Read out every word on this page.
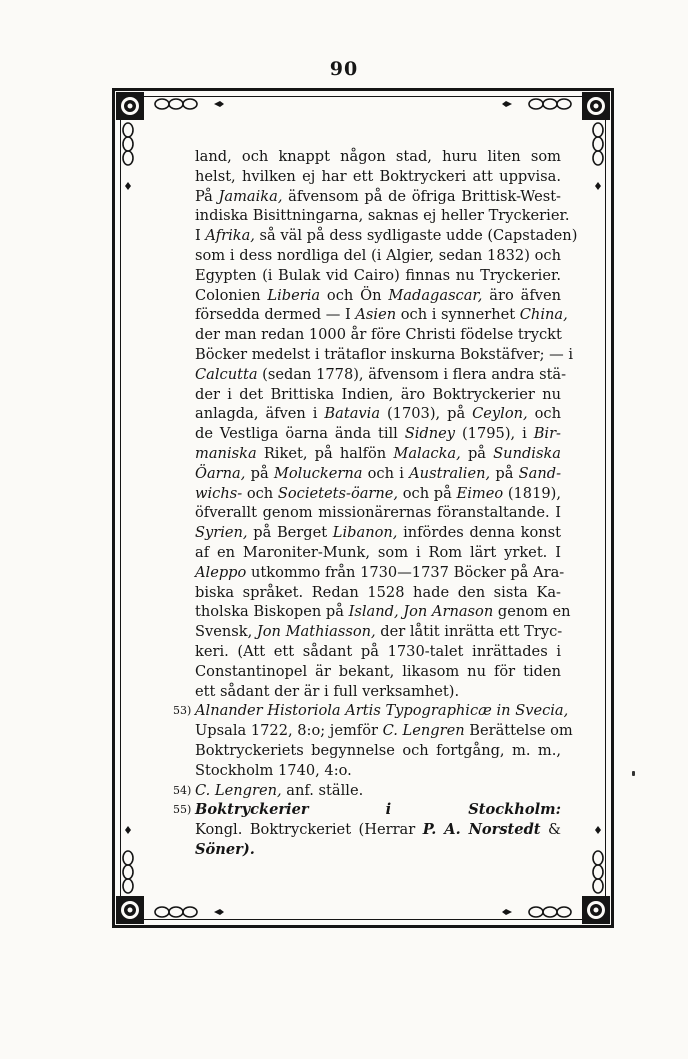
90
land, och knappt någon stad, huru liten som
helst, hvilken ej har ett Boktryckeri att uppvisa.
På Jamaika, äfvensom på de öfriga Brittisk-West-
indiska Bisittningarna, saknas ej heller Tryckerier.
I Afrika, så väl på dess sydligaste udde (Capstaden)
som i dess nordliga del (i Algier, sedan 1832) och
Egypten (i Bulak vid Cairo) finnas nu Tryckerier.
Colonien Liberia och Ön Madagascar, äro äfven
försedda dermed — I Asien och i synnerhet China,
der man redan 1000 år före Christi födelse tryckt
Böcker medelst i trätaflor inskurna Bokstäfver; — i
Calcutta (sedan 1778), äfvensom i flera andra stä-
der i det Brittiska Indien, äro Boktryckerier nu
anlagda, äfven i Batavia (1703), på Ceylon, och
de Vestliga öarna ända till Sidney (1795), i Bir-
maniska Riket, på halfön Malacka, på Sundiska
Öarna, på Moluckerna och i Australien, på Sand-
wichs- och Societets-öarne, och på Eimeo (1819),
öfverallt genom missionärernas föranstaltande. I
Syrien, på Berget Libanon, infördes denna konst
af en Maroniter-Munk, som i Rom lärt yrket. I
Aleppo utkommo från 1730—1737 Böcker på Ara-
biska språket. Redan 1528 hade den sista Ka-
tholska Biskopen på Island, Jon Arnason genom en
Svensk, Jon Mathiasson, der låtit inrätta ett Tryc-
keri. (Att ett sådant på 1730-talet inrättades i
Constantinopel är bekant, likasom nu för tiden
ett sådant der är i full verksamhet).
53) Alnander Historiola Artis Typographicæ in Svecia,
Upsala 1722, 8:o; jemför C. Lengren Berättelse om
Boktryckeriets begynnelse och fortgång, m. m.,
Stockholm 1740, 4:o.
54) C. Lengren, anf. ställe.
55) Boktryckerier i Stockholm:
Kongl. Boktryckeriet (Herrar P. A. Norstedt &
Söner).
